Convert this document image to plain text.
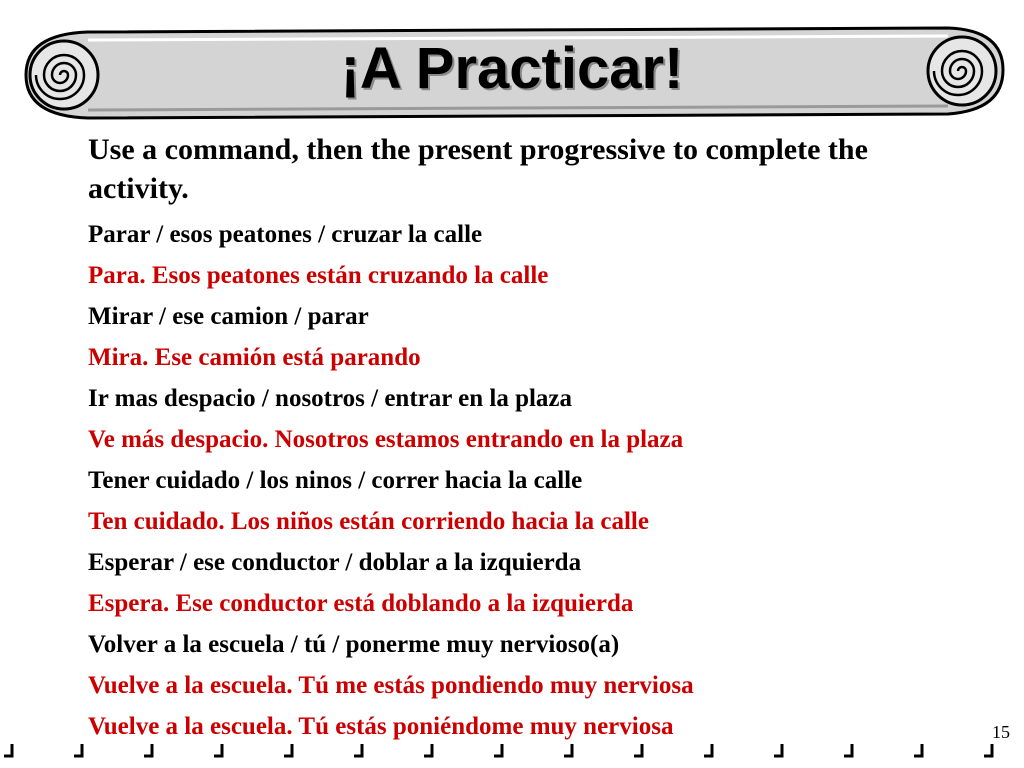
¡A Practicar!

Use a command, then the present progressive to complete the activity.

Parar / esos peatones / cruzar la calle

Para. Esos peatones están cruzando la calle

Mirar / ese camion / parar

Mira. Ese camión está parando

Ir mas despacio / nosotros / entrar en la plaza

Ve más despacio. Nosotros estamos entrando en la plaza

Tener cuidado / los ninos / correr hacia la calle

Ten cuidado. Los niños están corriendo hacia la calle

Esperar / ese conductor / doblar a la izquierda

Espera. Ese conductor está doblando a la izquierda

Volver a la escuela / tú / ponerme muy nervioso(a)

Vuelve a la escuela. Tú me estás pondiendo muy nerviosa

Vuelve a la escuela. Tú estás poniéndome muy nerviosa	15
